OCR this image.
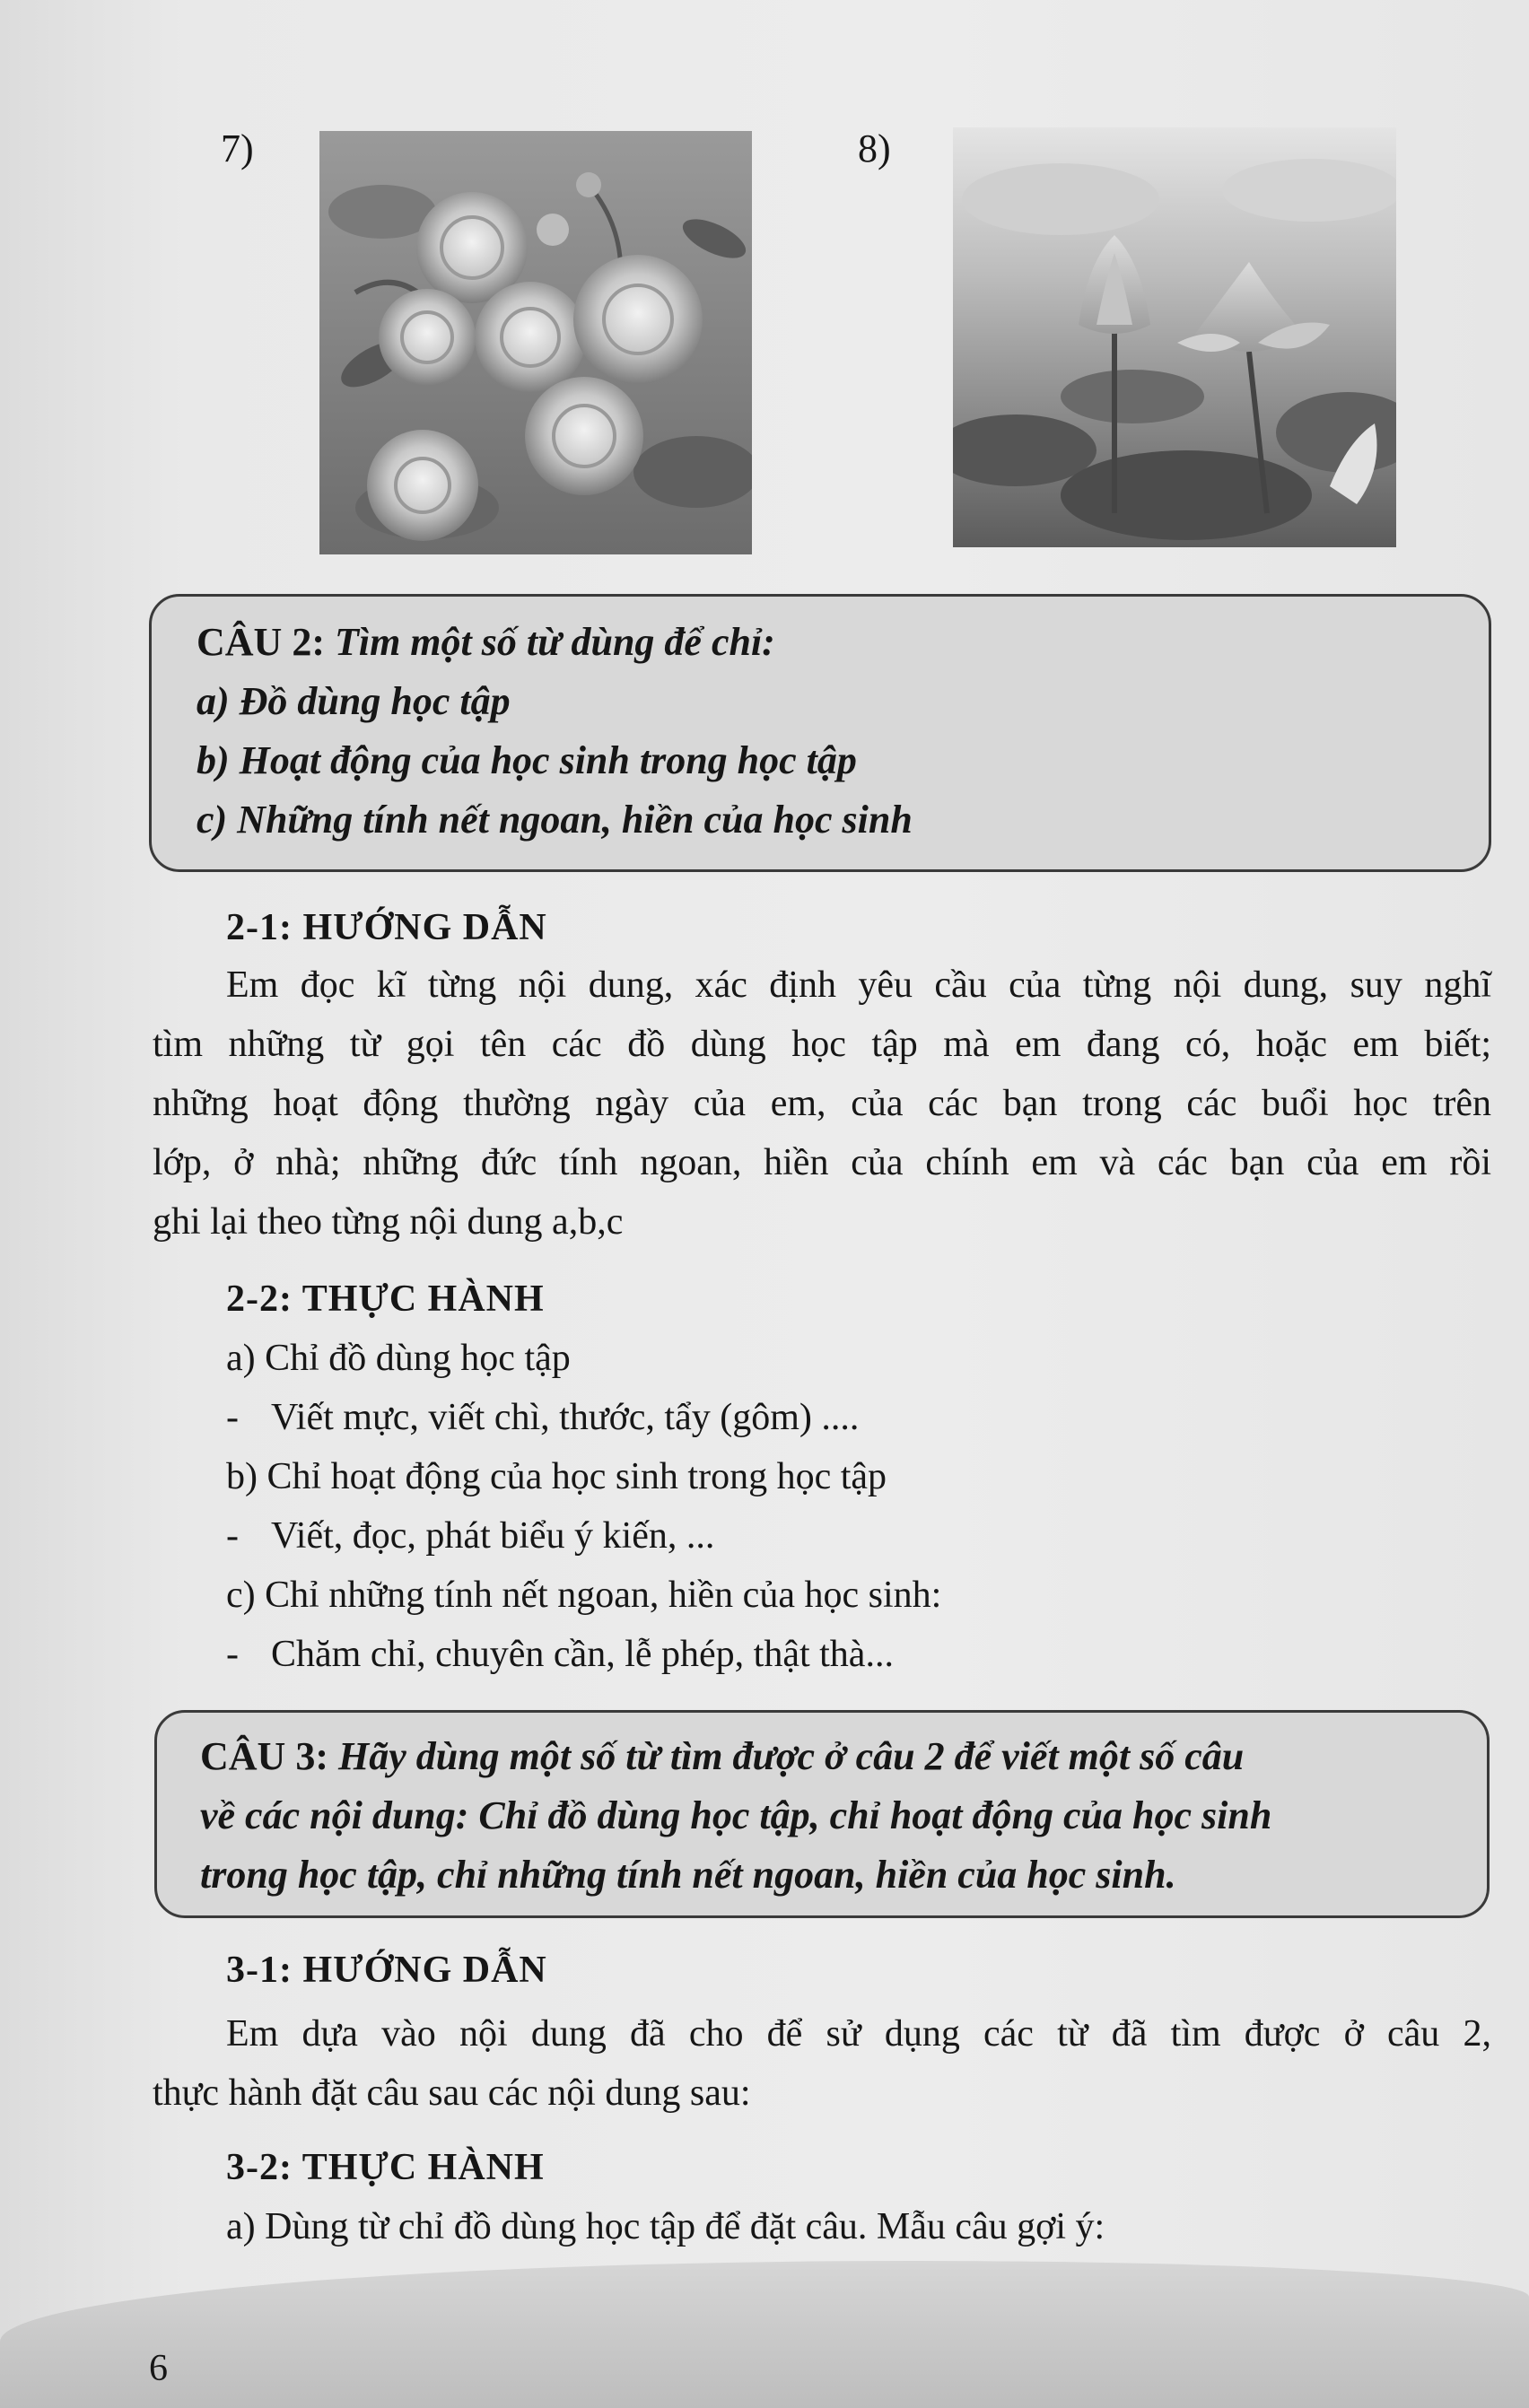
7)	8)
CÂU 2: Tìm một số từ dùng để chỉ:
a) Đồ dùng học tập
b) Hoạt động của học sinh trong học tập
c) Những tính nết ngoan, hiền của học sinh
2-1: HƯỚNG DẪN
Em đọc kĩ từng nội dung, xác định yêu cầu của từng nội dung, suy nghĩ
tìm những từ gọi tên các đồ dùng học tập mà em đang có, hoặc em biết;
những hoạt động thường ngày của em, của các bạn trong các buổi học trên
lớp, ở nhà; những đức tính ngoan, hiền của chính em và các bạn của em rồi
ghi lại theo từng nội dung a,b,c
2-2: THỰC HÀNH
a) Chỉ đồ dùng học tập
- Viết mực, viết chì, thước, tẩy (gôm) ....
b) Chỉ hoạt động của học sinh trong học tập
- Viết, đọc, phát biểu ý kiến, ...
c) Chỉ những tính nết ngoan, hiền của học sinh:
- Chăm chỉ, chuyên cần, lễ phép, thật thà...
CÂU 3: Hãy dùng một số từ tìm được ở câu 2 để viết một số câu
về các nội dung: Chỉ đồ dùng học tập, chỉ hoạt động của học sinh
trong học tập, chỉ những tính nết ngoan, hiền của học sinh.
3-1: HƯỚNG DẪN
Em dựa vào nội dung đã cho để sử dụng các từ đã tìm được ở câu 2,
thực hành đặt câu sau các nội dung sau:
3-2: THỰC HÀNH
a) Dùng từ chỉ đồ dùng học tập để đặt câu. Mẫu câu gợi ý:
6
